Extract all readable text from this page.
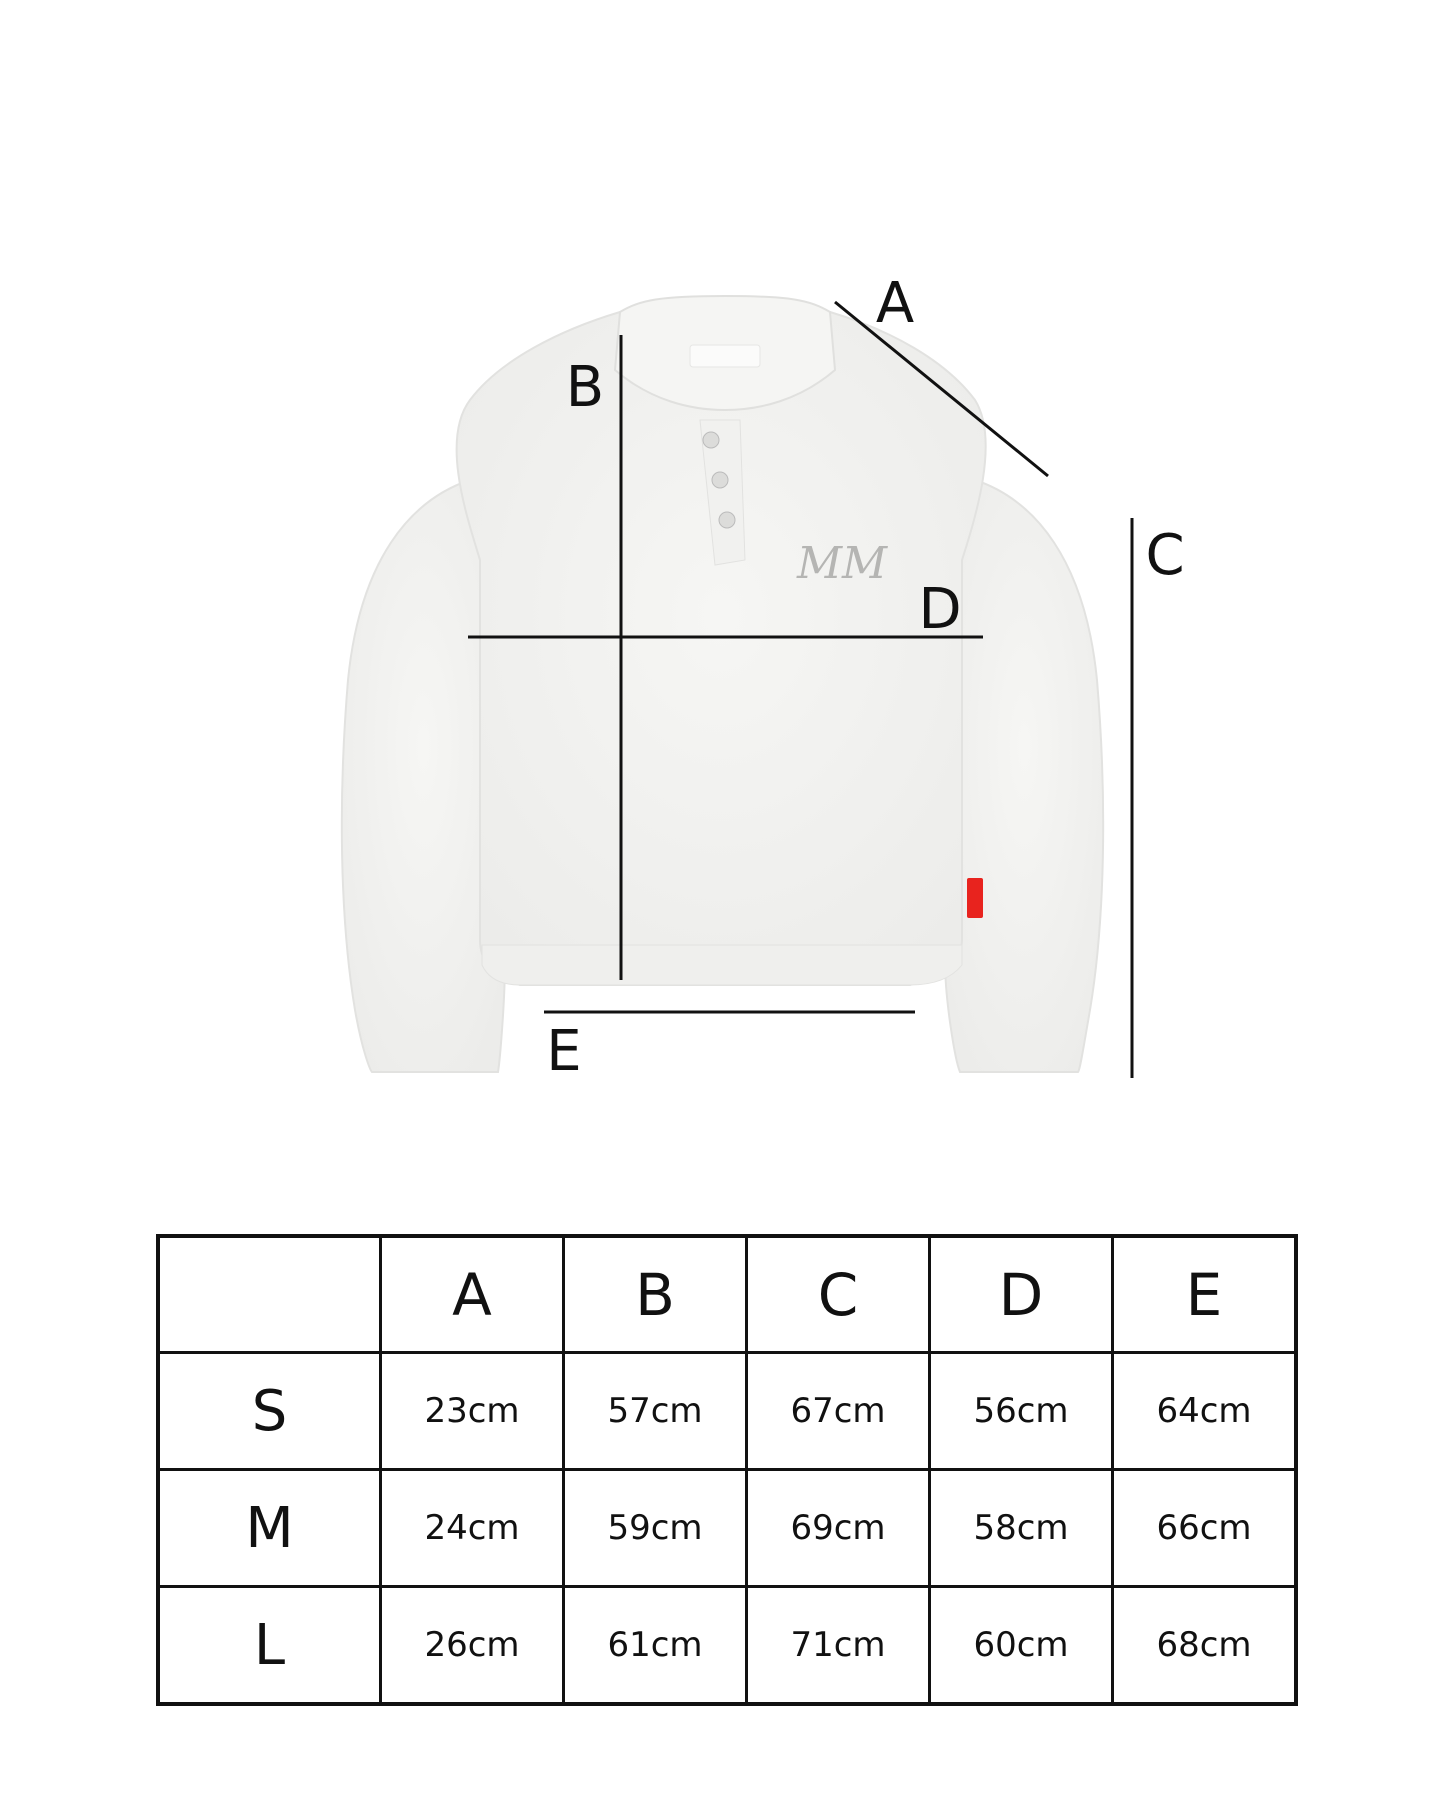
MM
A
B
C
D
E
	A	B	C	D	E
S	23cm	57cm	67cm	56cm	64cm
M	24cm	59cm	69cm	58cm	66cm
L	26cm	61cm	71cm	60cm	68cm
